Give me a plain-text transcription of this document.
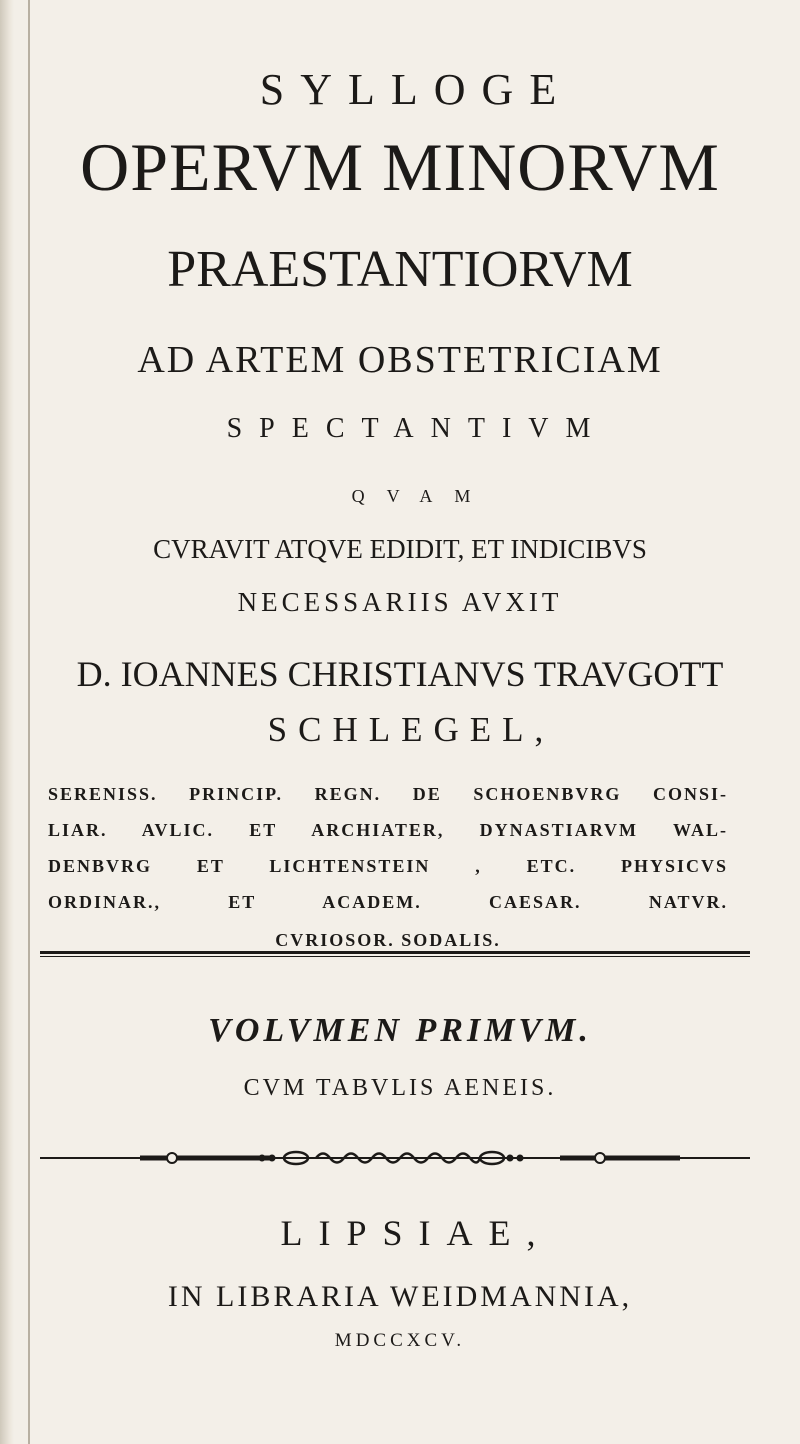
SYLLOGE
OPERVM MINORVM
PRAESTANTIORVM
AD ARTEM OBSTETRICIAM
SPECTANTIVM
QVAM
CVRAVIT ATQVE EDIDIT, ET INDICIBVS
NECESSARIIS AVXIT
D. IOANNES CHRISTIANVS TRAVGOTT
SCHLEGEL,
SERENISS. PRINCIP. REGN. DE SCHOENBVRG CONSI-
LIAR. AVLIC. ET ARCHIATER, DYNASTIARVM WAL-
DENBVRG ET LICHTENSTEIN , ETC. PHYSICVS
ORDINAR., ET ACADEM. CAESAR. NATVR.
CVRIOSOR. SODALIS.
VOLVMEN PRIMVM.
CVM TABVLIS AENEIS.
LIPSIAE,
IN LIBRARIA WEIDMANNIA,
MDCCXCV.
